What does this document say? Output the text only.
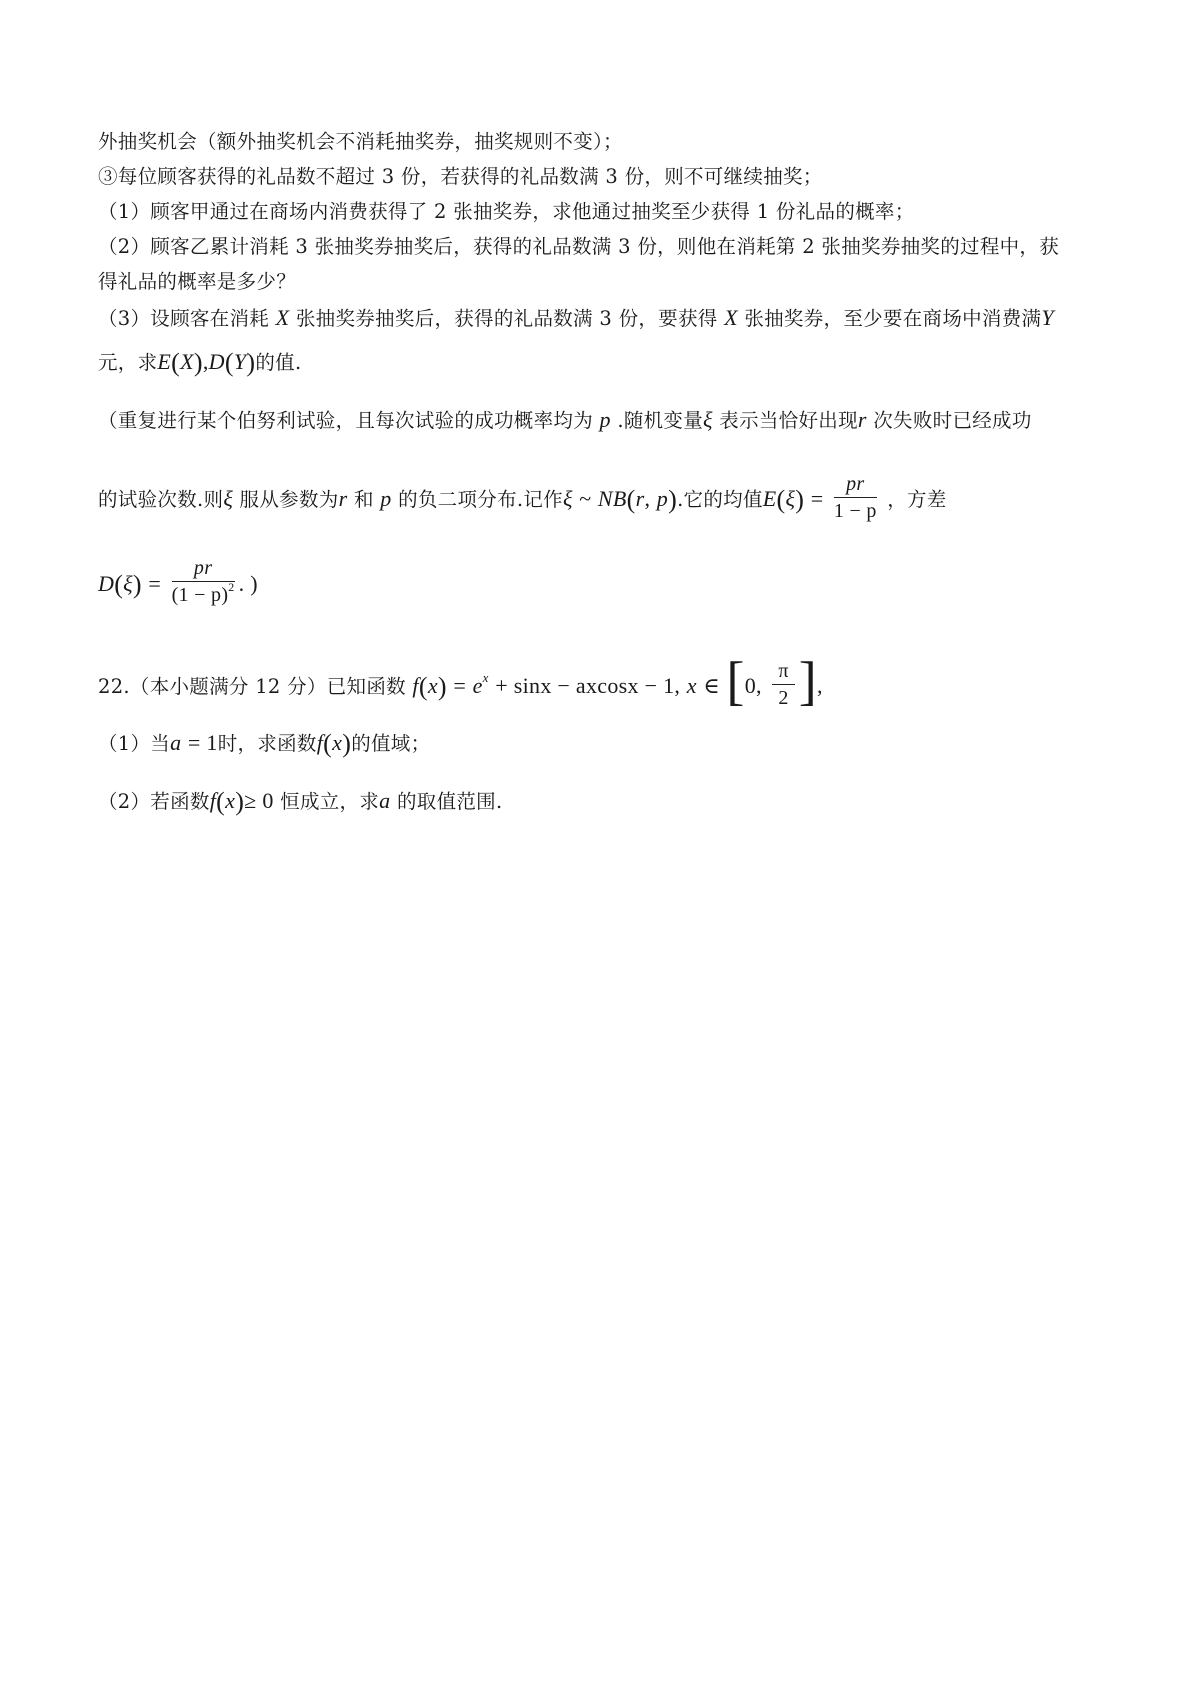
外抽奖机会（额外抽奖机会不消耗抽奖券，抽奖规则不变）；
③每位顾客获得的礼品数不超过 3 份，若获得的礼品数满 3 份，则不可继续抽奖；
（1）顾客甲通过在商场内消费获得了 2 张抽奖券，求他通过抽奖至少获得 1 份礼品的概率；
（2）顾客乙累计消耗 3 张抽奖券抽奖后，获得的礼品数满 3 份，则他在消耗第 2 张抽奖券抽奖的过程中，获
得礼品的概率是多少？
（3）设顾客在消耗 X 张抽奖券抽奖后，获得的礼品数满 3 份，要获得 X 张抽奖券，至少要在商场中消费满Y
元，求E(X),D(Y)的值.
（重复进行某个伯努利试验，且每次试验的成功概率均为 p .随机变量ξ 表示当恰好出现r 次失败时已经成功
的试验次数.则ξ 服从参数为r 和 p 的负二项分布.记作ξ ~ NB(r, p).它的均值$E(\xi) = \frac{pr}{1 - p}$ ，方差
$D(\xi) = \frac{pr}{(1 - p)^2}$ . )
22.（本小题满分 12 分）已知函数 $f(x) = e^x + \sin x - axcosx - 1$, x ∈ [0, $\frac{\pi}{2}$ ],
（1）当a = 1时，求函数f(x)的值域；
（2）若函数f(x)≥ 0 恒成立，求a 的取值范围.
